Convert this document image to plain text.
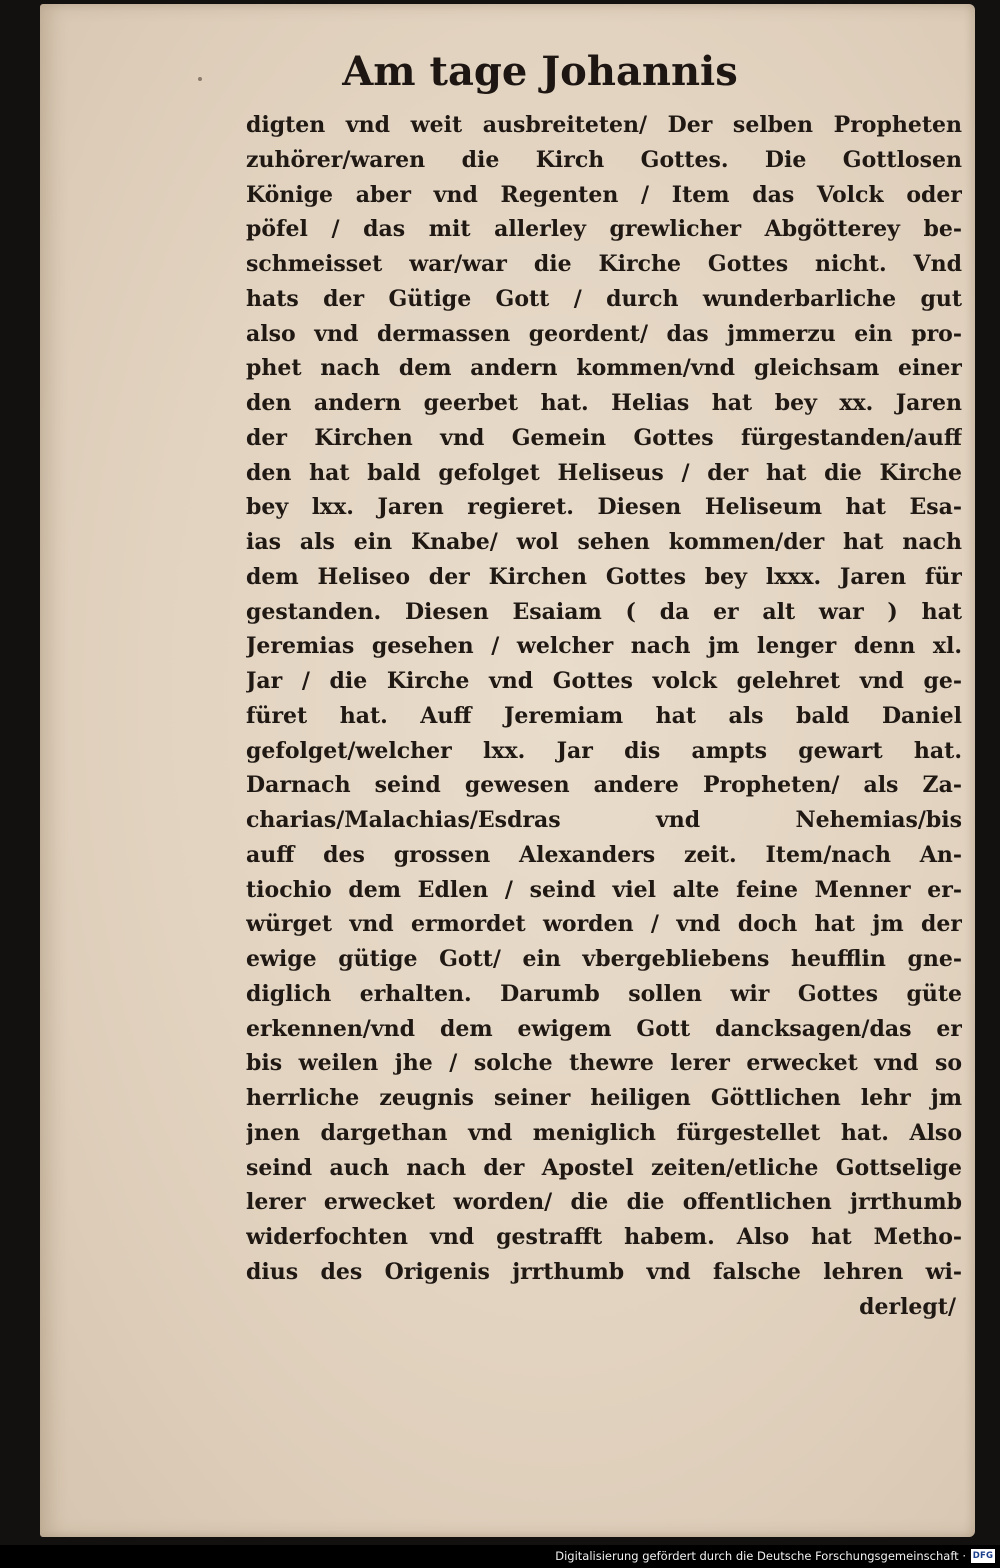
Am tage Johannis
digten vnd weit ausbreiteten/ Der selben Propheten
zuhörer/waren die Kirch Gottes. Die Gottlosen
Könige aber vnd Regenten / Item das Volck oder
pöfel / das mit allerley grewlicher Abgötterey be-
schmeisset war/war die Kirche Gottes nicht. Vnd
hats der Gütige Gott / durch wunderbarliche gut
also vnd dermassen geordent/ das jmmerzu ein pro-
phet nach dem andern kommen/vnd gleichsam einer
den andern geerbet hat. Helias hat bey xx. Jaren
der Kirchen vnd Gemein Gottes fürgestanden/auff
den hat bald gefolget Heliseus / der hat die Kirche
bey lxx. Jaren regieret. Diesen Heliseum hat Esa-
ias als ein Knabe/ wol sehen kommen/der hat nach
dem Heliseo der Kirchen Gottes bey lxxx. Jaren für
gestanden. Diesen Esaiam ( da er alt war ) hat
Jeremias gesehen / welcher nach jm lenger denn xl.
Jar / die Kirche vnd Gottes volck gelehret vnd ge-
füret hat. Auff Jeremiam hat als bald Daniel
gefolget/welcher lxx. Jar dis ampts gewart hat.
Darnach seind gewesen andere Propheten/ als Za-
charias/Malachias/Esdras vnd Nehemias/bis
auff des grossen Alexanders zeit. Item/nach An-
tiochio dem Edlen / seind viel alte feine Menner er-
würget vnd ermordet worden / vnd doch hat jm der
ewige gütige Gott/ ein vbergebliebens heufflin gne-
diglich erhalten. Darumb sollen wir Gottes güte
erkennen/vnd dem ewigem Gott dancksagen/das er
bis weilen jhe / solche thewre lerer erwecket vnd so
herrliche zeugnis seiner heiligen Göttlichen lehr jm
jnen dargethan vnd meniglich fürgestellet hat. Also
seind auch nach der Apostel zeiten/etliche Gottselige
lerer erwecket worden/ die die offentlichen jrrthumb
widerfochten vnd gestrafft habem. Also hat Metho-
dius des Origenis jrrthumb vnd falsche lehren wi-
derlegt/
Digitalisierung gefördert durch die Deutsche Forschungsgemeinschaft · DFG
